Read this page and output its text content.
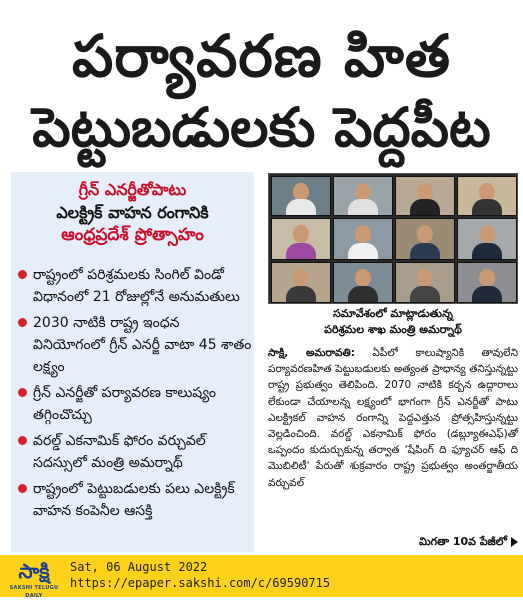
పర్యావరణ హిత
పెట్టుబడులకు పెద్దపీట
గ్రీన్ ఎనర్జీతోపాటు
ఎలక్ట్రిక్ వాహన రంగానికి
ఆంధ్రప్రదేశ్ ప్రోత్సాహం
రాష్ట్రంలో పరిశ్రమలకు సింగిల్ విండో విధానంలో 21 రోజుల్లోనే అనుమతులు
2030 నాటికి రాష్ట్ర ఇంధన వినియోగంలో గ్రీన్ ఎనర్జీ వాటా 45 శాతం లక్ష్యం
గ్రీన్ ఎనర్జీతో పర్యావరణ కాలుష్యం తగ్గించొచ్చు
వరల్డ్ ఎకనామిక్ ఫోరం వర్చువల్ సదస్సులో మంత్రి అమర్నాథ్
రాష్ట్రంలో పెట్టుబడులకు పలు ఎలక్ట్రిక్ వాహన కంపెనీల ఆసక్తి
సమావేశంలో మాట్లాడుతున్న
పరిశ్రమల శాఖ మంత్రి అమర్నాథ్
సాక్షి, అమరావతి: ఏపీలో కాలుష్యానికి తావులేని పర్యావరణహిత పెట్టుబడులకు అత్యంత ప్రాధాన్య తనిస్తున్నట్టు రాష్ట్ర ప్రభుత్వం తెలిపింది. 2070 నాటికి కర్బన ఉద్గారాలు లేకుండా చేయాలన్న లక్ష్యంలో భాగంగా గ్రీన్ ఎనర్జీతో పాటు ఎలక్ట్రికల్ వాహన రంగాన్ని పెద్దఎత్తున ప్రోత్సహిస్తున్నట్టు వెల్లడించింది. వరల్డ్ ఎకనామిక్ ఫోరం (డబ్ల్యూఈఎఫ్)తో ఒప్పందం కుదుర్చుకున్న తర్వాత 'షేపింగ్ ది ఫ్యూచర్ ఆఫ్ ది మొబిలిటీ' పేరుతో శుక్రవారం రాష్ట్ర ప్రభుత్వం అంతర్జాతీయ వర్చువల్
మిగతా 10వ పేజీలో
సాక్షి
SAKSHI TELUGU DAILY
Sat, 06 August 2022
https://epaper.sakshi.com/c/69590715
